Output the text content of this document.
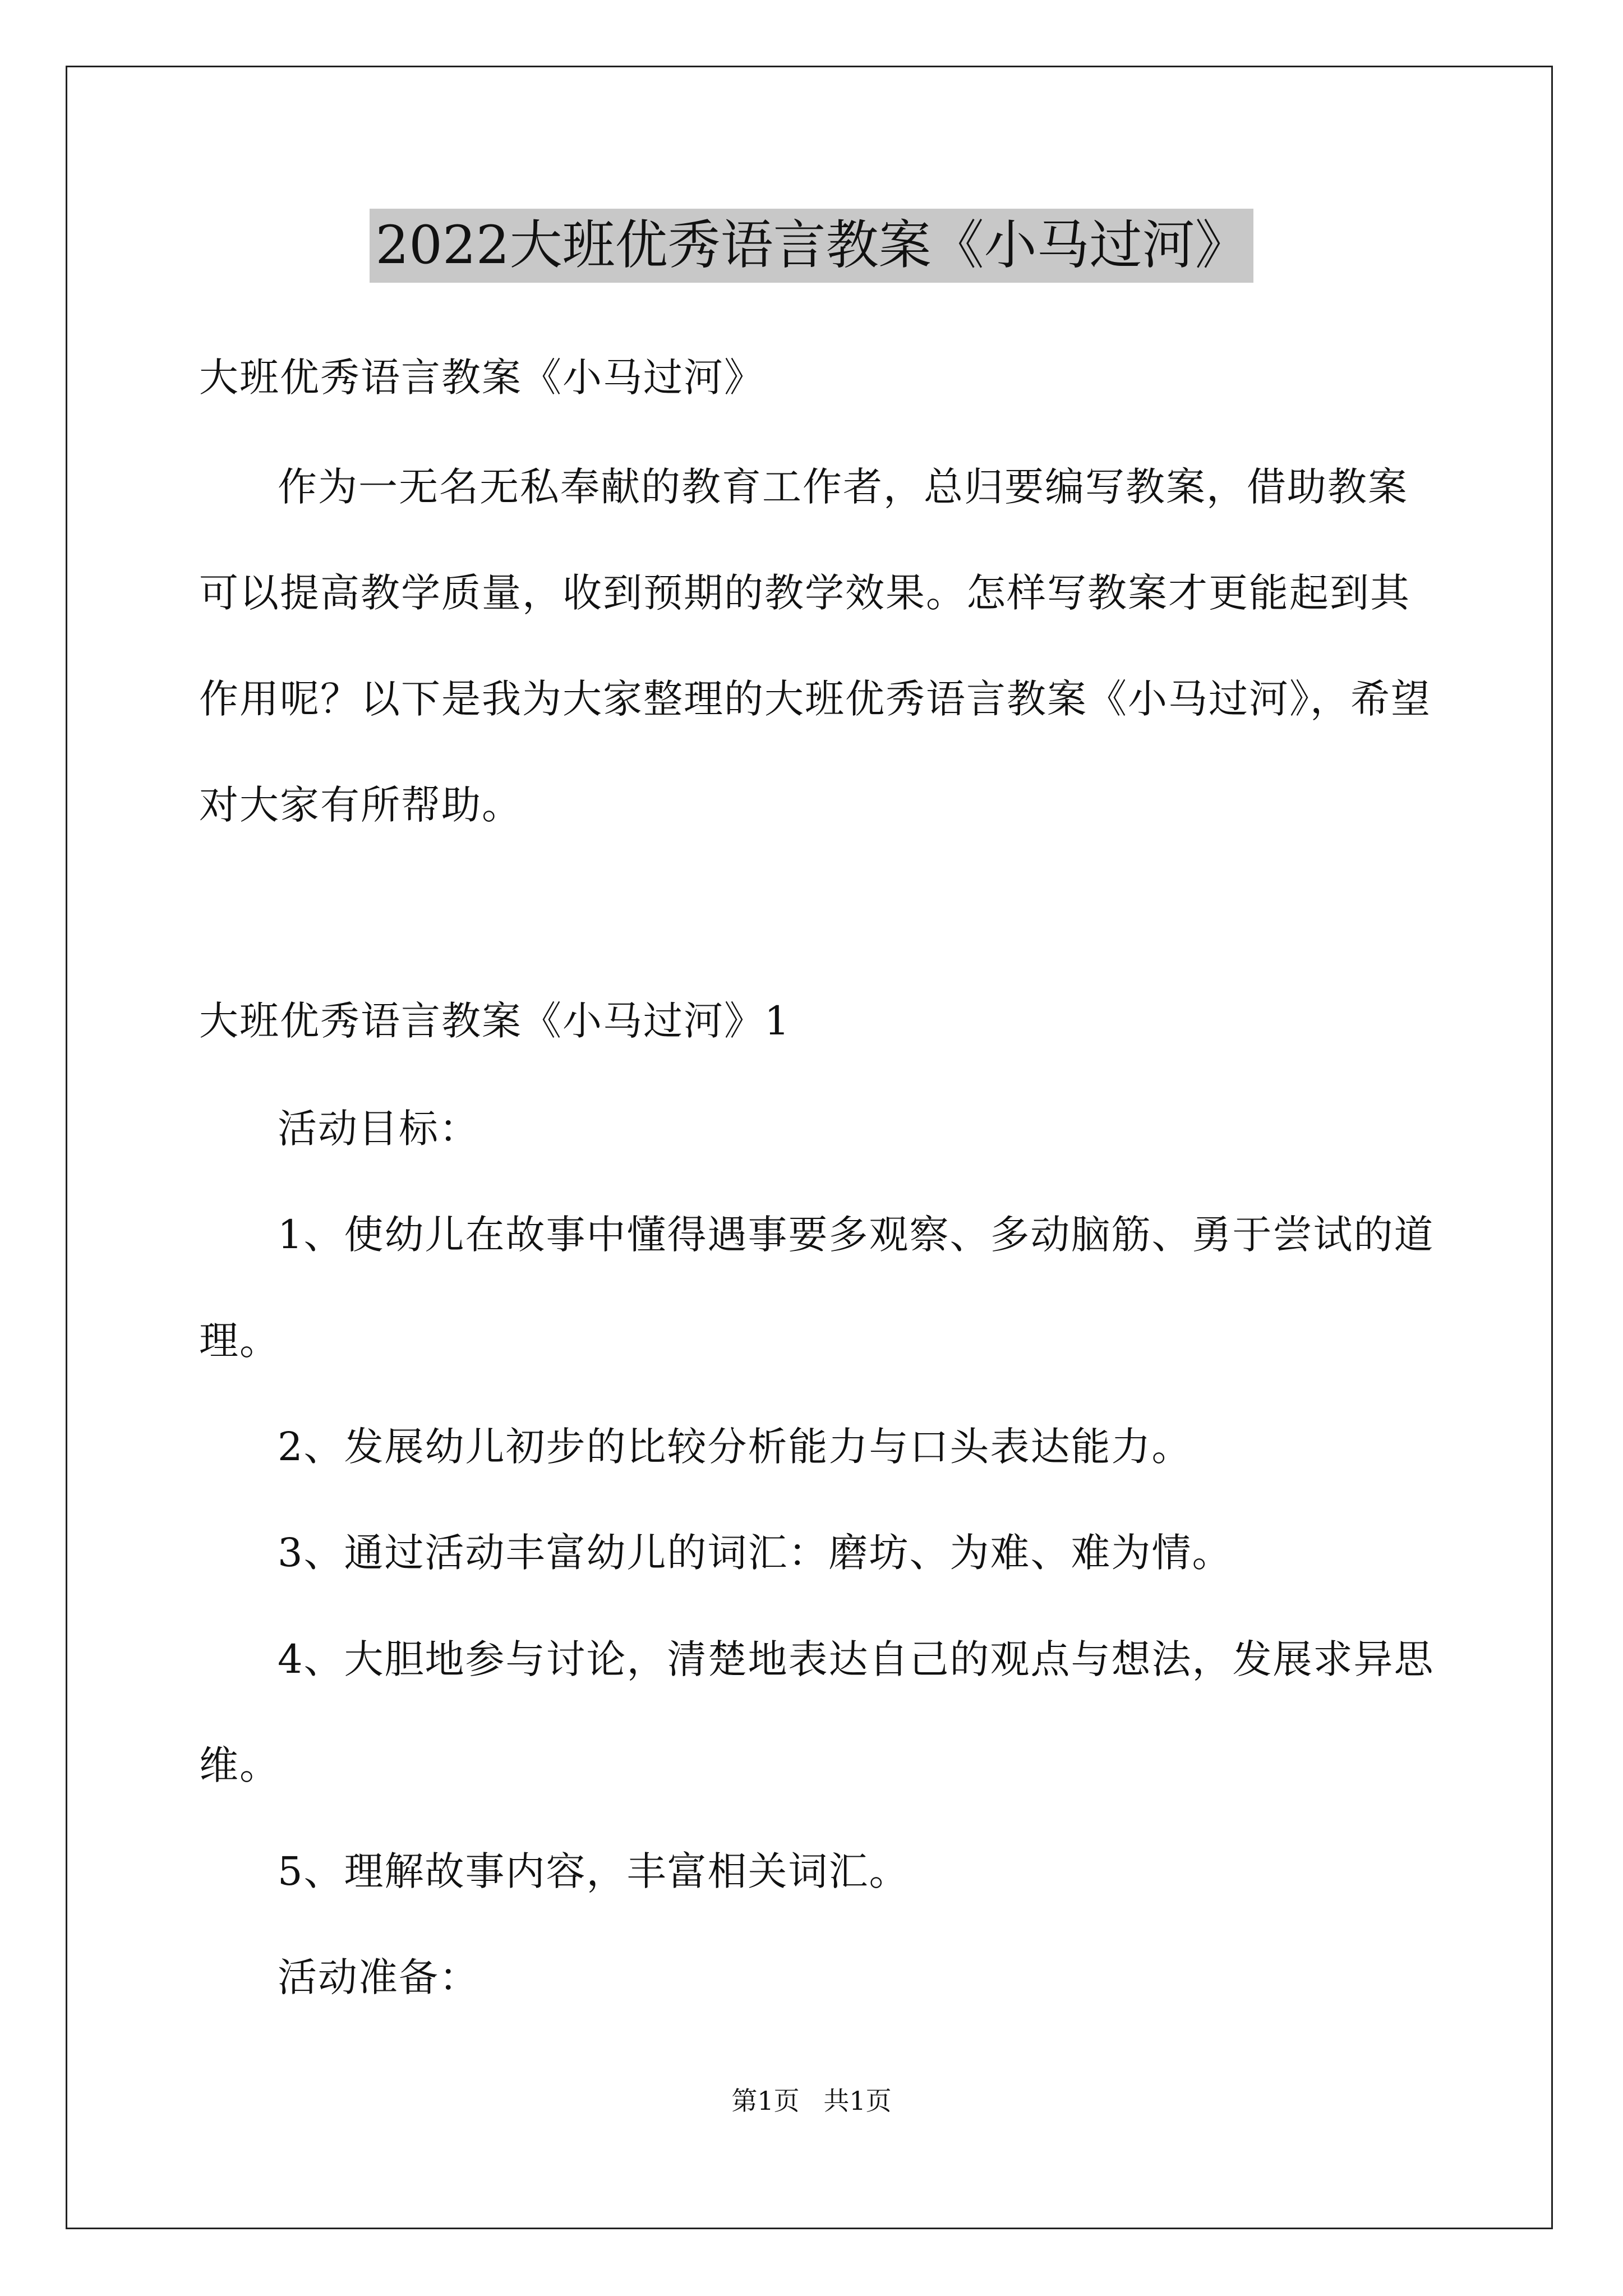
2022大班优秀语言教案《小马过河》
大班优秀语言教案《小马过河》
作为一无名无私奉献的教育工作者，总归要编写教案，借助教案
可以提高教学质量，收到预期的教学效果。怎样写教案才更能起到其
作用呢？以下是我为大家整理的大班优秀语言教案《小马过河》，希望
对大家有所帮助。
大班优秀语言教案《小马过河》1
活动目标：
1、使幼儿在故事中懂得遇事要多观察、多动脑筋、勇于尝试的道
理。
2、发展幼儿初步的比较分析能力与口头表达能力。
3、通过活动丰富幼儿的词汇：磨坊、为难、难为情。
4、大胆地参与讨论，清楚地表达自己的观点与想法，发展求异思
维。
5、理解故事内容，丰富相关词汇。
活动准备：
第1页 共1页
